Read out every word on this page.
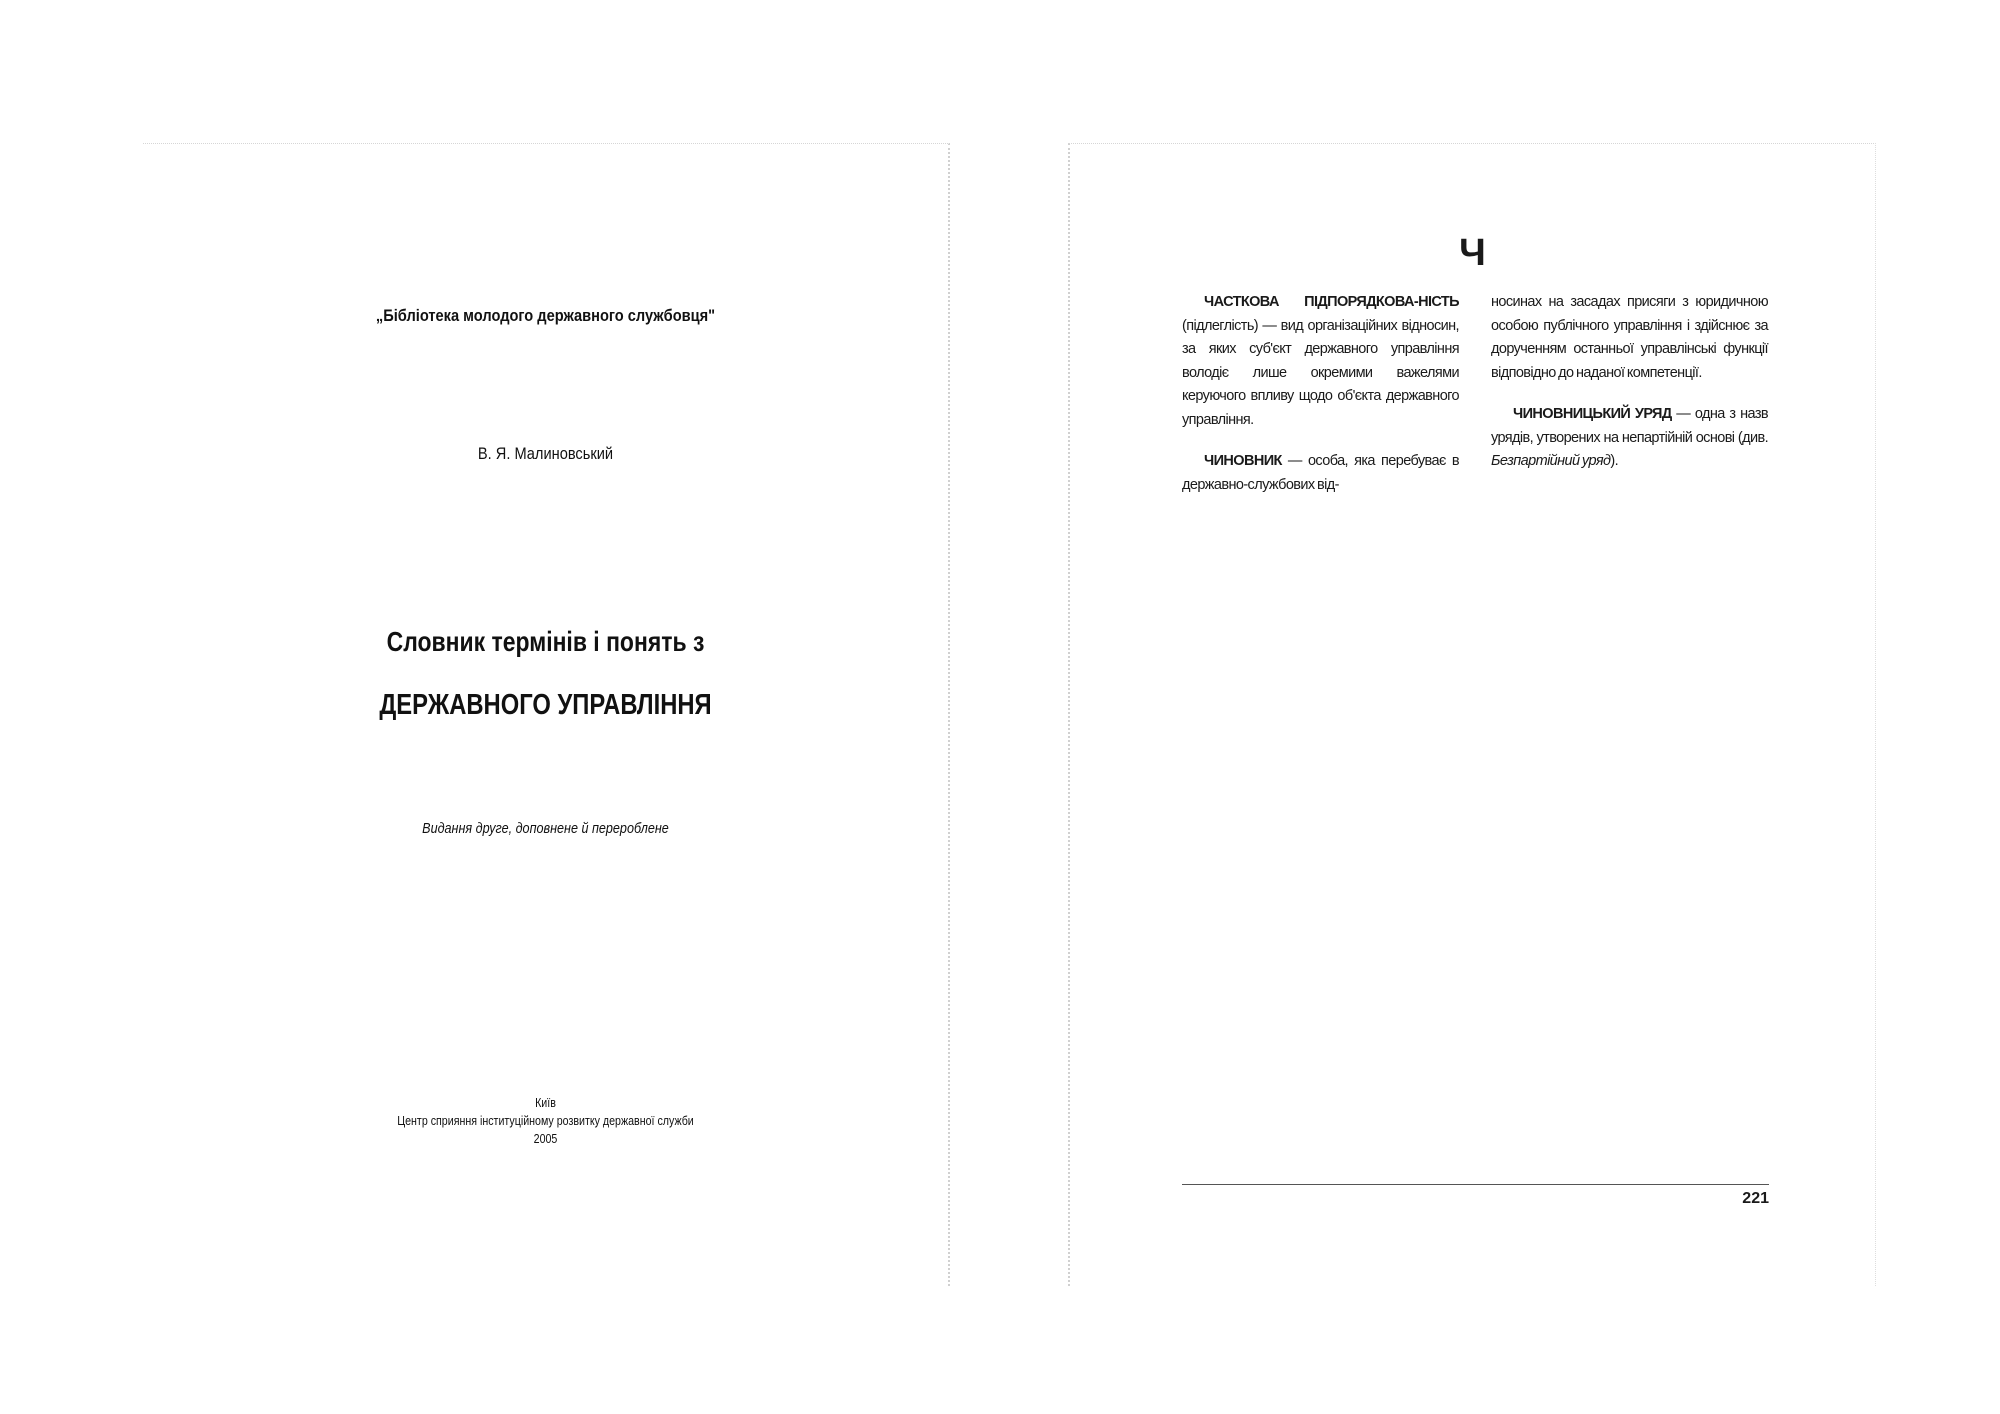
„Бібліотека молодого державного службовця"
В. Я. Малиновський
Словник термінів і понять з
ДЕРЖАВНОГО УПРАВЛІННЯ
Видання друге, доповнене й перероблене
Київ
Центр сприяння інституційному розвитку державної служби
2005
Ч

ЧАСТКОВА ПІДПОРЯДКОВА-НІСТЬ (підлеглість) — вид організаційних відносин, за яких суб'єкт державного управління володіє лише окремими важелями керуючого впливу щодо об'єкта державного управління.

ЧИНОВНИК — особа, яка перебуває в державно-службових від-

носинах на засадах присяги з юридичною особою публічного управління і здійснює за дорученням останньої управлінські функції відповідно до наданої компетенції.

ЧИНОВНИЦЬКИЙ УРЯД — одна з назв урядів, утворених на непартійній основі (див. Безпартійний уряд).

221
